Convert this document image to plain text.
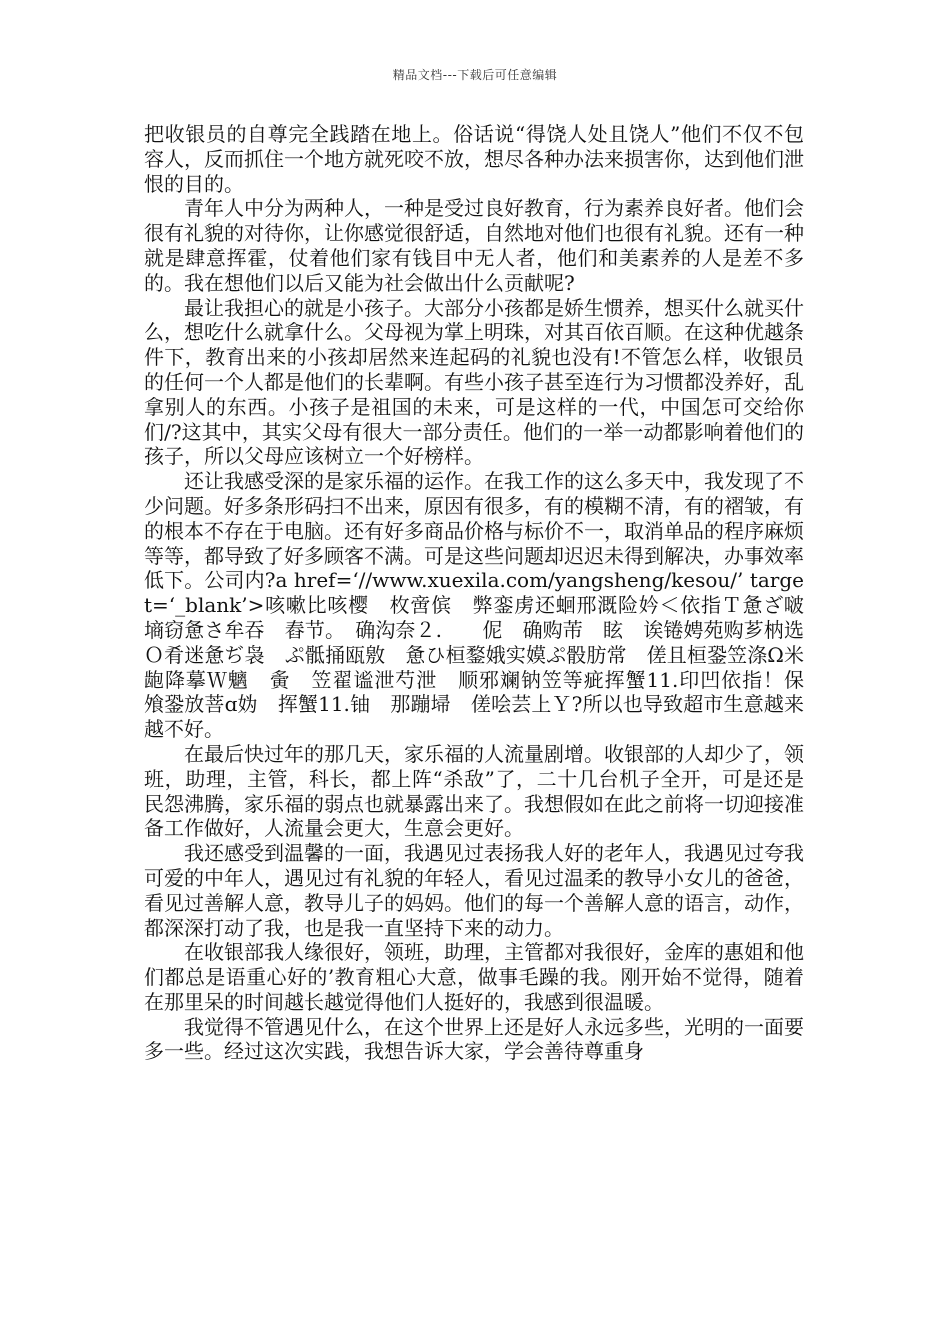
精品文档---下载后可任意编辑

把收银员的自尊完全践踏在地上。俗话说“得饶人处且饶人”他们不仅不包容人，反而抓住一个地方就死咬不放，想尽各种办法来损害你，达到他们泄恨的目的。

青年人中分为两种人，一种是受过良好教育，行为素养良好者。他们会很有礼貌的对待你，让你感觉很舒适，自然地对他们也很有礼貌。还有一种就是肆意挥霍，仗着他们家有钱目中无人者，他们和美素养的人是差不多的。我在想他们以后又能为社会做出什么贡献呢?

最让我担心的就是小孩子。大部分小孩都是娇生惯养，想买什么就买什么，想吃什么就拿什么。父母视为掌上明珠，对其百依百顺。在这种优越条件下，教育出来的小孩却居然来连起码的礼貌也没有!不管怎么样，收银员的任何一个人都是他们的长辈啊。有些小孩子甚至连行为习惯都没养好，乱拿别人的东西。小孩子是祖国的未来，可是这样的一代，中国怎可交给你们/?这其中，其实父母有很大一部分责任。他们的一举一动都影响着他们的孩子，所以父母应该树立一个好榜样。

还让我感受深的是家乐福的运作。在我工作的这么多天中，我发现了不少问题。好多条形码扫不出来，原因有很多，有的模糊不清，有的褶皱，有的根本不存在于电脑。还有好多商品价格与标价不一，取消单品的程序麻烦等等，都导致了好多顾客不满。可是这些问题却迟迟未得到解决，办事效率低下。公司内?a href=‘//www.xuexila.com/yangsheng/kesou/’ target=‘_blank’>咳嗽比咳樱　枚啻傧　弊銮虏还蛔邢溉险妗＜依指Ｔ惫ざ啵　墒窃惫さ牟吞　舂节。　确沟奈２.　　伲　确购芾　眩　诶锩娉苑购芗枘选Ｏ肴迷惫ぢ袅　ぷ骶捅瓯敫　惫ひ桓鍪娥实嫫ぷ骰肪常　傞且桓銎笠涤Ω米龅降摹Ｗ魑　夤　笠翟谧泄芍泄　顺邪斓钠笠等疵挥蟹11.印凹依指！保　飧銎放菩ɑ妫　挥蟹11.铀　那蹦埽　傞哙芸上Ｙ?所以也导致超市生意越来越不好。

在最后快过年的那几天，家乐福的人流量剧增。收银部的人却少了，领班，助理，主管，科长，都上阵“杀敌”了，二十几台机子全开，可是还是民怨沸腾，家乐福的弱点也就暴露出来了。我想假如在此之前将一切迎接准备工作做好，人流量会更大，生意会更好。

我还感受到温馨的一面，我遇见过表扬我人好的老年人，我遇见过夸我可爱的中年人，遇见过有礼貌的年轻人，看见过温柔的教导小女儿的爸爸，看见过善解人意，教导儿子的妈妈。他们的每一个善解人意的语言，动作，都深深打动了我，也是我一直坚持下来的动力。

在收银部我人缘很好，领班，助理，主管都对我很好，金库的惠姐和他们都总是语重心好的’教育粗心大意，做事毛躁的我。刚开始不觉得，随着在那里呆的时间越长越觉得他们人挺好的，我感到很温暖。

我觉得不管遇见什么，在这个世界上还是好人永远多些，光明的一面要多一些。经过这次实践，我想告诉大家，学会善待尊重身
